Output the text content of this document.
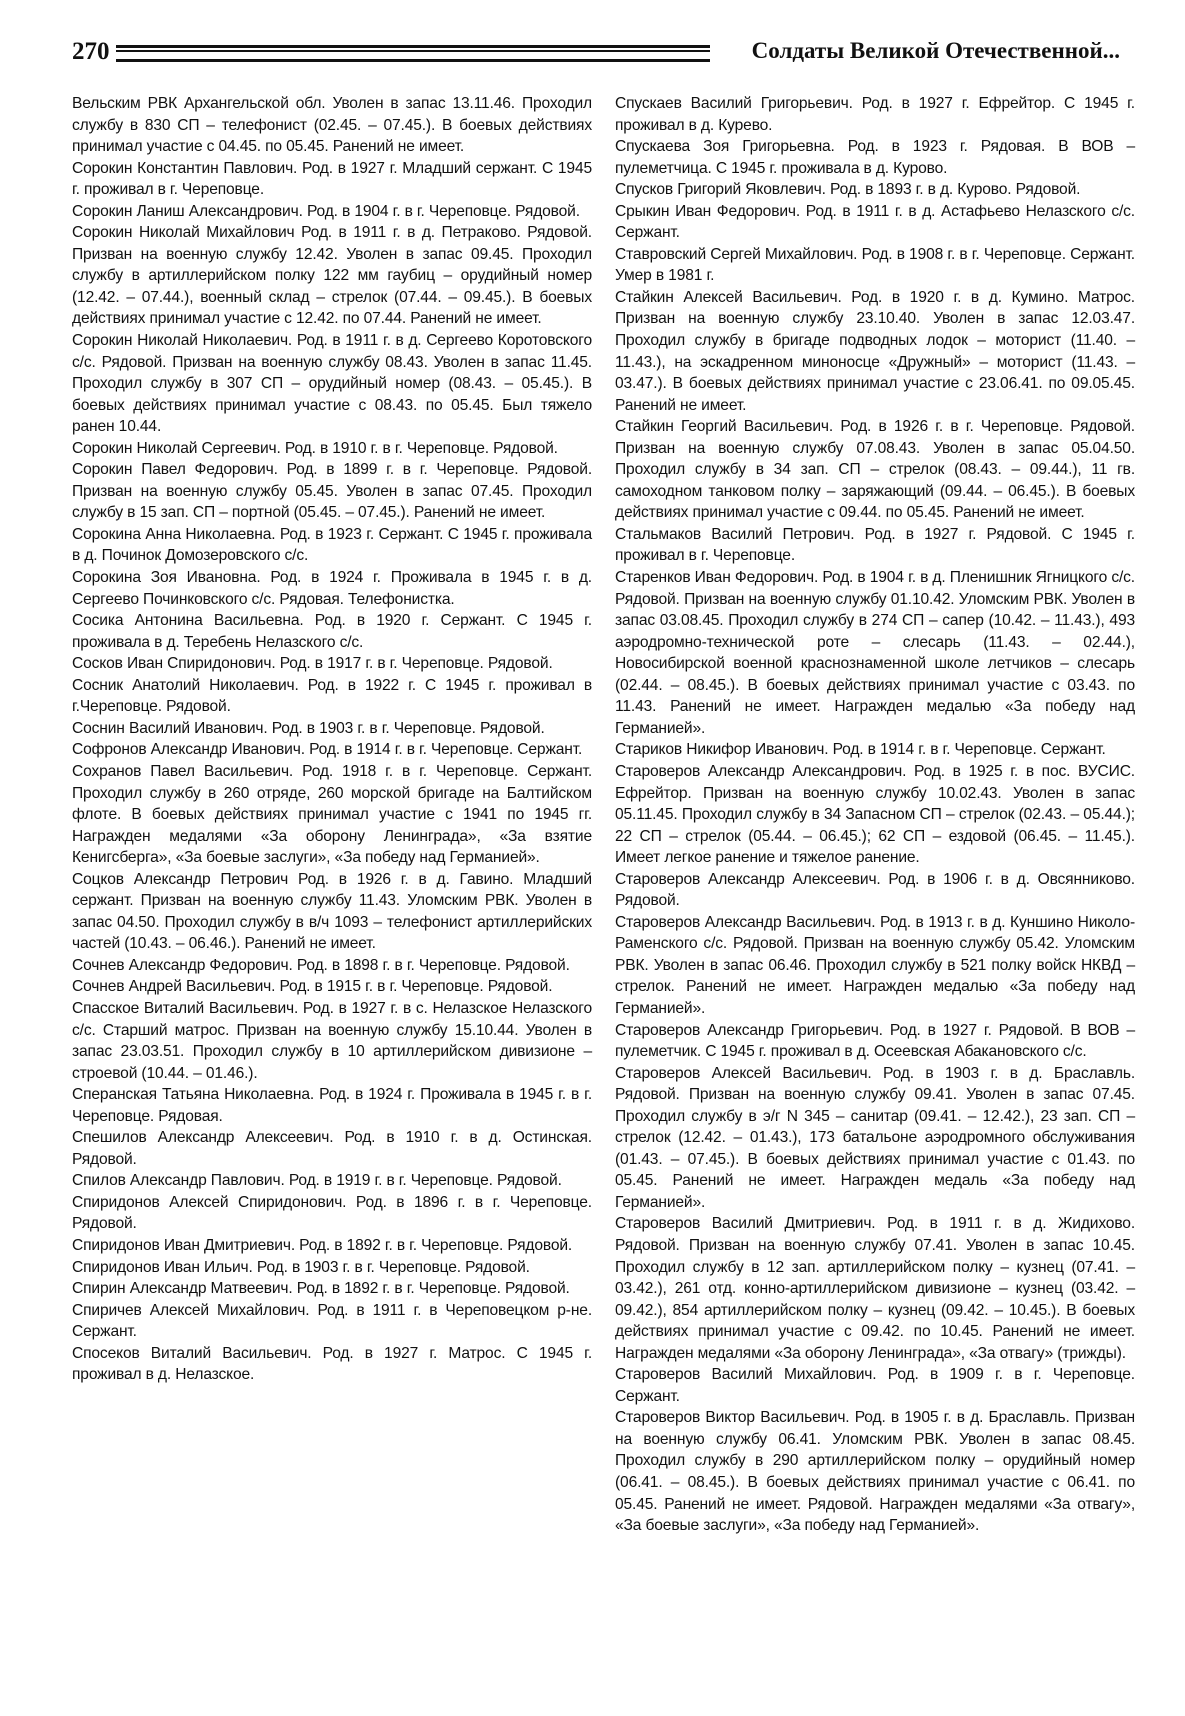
270	Солдаты Великой Отечественной...

Вельским РВК Архангельской обл. Уволен в запас 13.11.46. Проходил службу в 830 СП – телефонист (02.45. – 07.45.). В боевых действиях принимал участие с 04.45. по 05.45. Ранений не имеет.

Сорокин Константин Павлович. Род. в 1927 г. Младший сержант. С 1945 г. проживал в г. Череповце.

Сорокин Ланиш Александрович. Род. в 1904 г. в г. Череповце. Рядовой.

Сорокин Николай Михайлович Род. в 1911 г. в д. Петраково. Рядовой. Призван на военную службу 12.42. Уволен в запас 09.45. Проходил службу в артиллерийском полку 122 мм гаубиц – орудийный номер (12.42. – 07.44.), военный склад – стрелок (07.44. – 09.45.). В боевых действиях принимал участие с 12.42. по 07.44. Ранений не имеет.

Сорокин Николай Николаевич. Род. в 1911 г. в д. Сергеево Коротовского с/с. Рядовой. Призван на военную службу 08.43. Уволен в запас 11.45. Проходил службу в 307 СП – орудийный номер (08.43. – 05.45.). В боевых действиях принимал участие с 08.43. по 05.45. Был тяжело ранен 10.44.

Сорокин Николай Сергеевич. Род. в 1910 г. в г. Череповце. Рядовой.

Сорокин Павел Федорович. Род. в 1899 г. в г. Череповце. Рядовой. Призван на военную службу 05.45. Уволен в запас 07.45. Проходил службу в 15 зап. СП – портной (05.45. – 07.45.). Ранений не имеет.

Сорокина Анна Николаевна. Род. в 1923 г. Сержант. С 1945 г. проживала в д. Починок Домозеровского с/с.

Сорокина Зоя Ивановна. Род. в 1924 г. Проживала в 1945 г. в д. Сергеево Починковского с/с. Рядовая. Телефонистка.

Сосика Антонина Васильевна. Род. в 1920 г. Сержант. С 1945 г. проживала в д. Теребень Нелазского с/с.

Сосков Иван Спиридонович. Род. в 1917 г. в г. Череповце. Рядовой.

Сосник Анатолий Николаевич. Род. в 1922 г. С 1945 г. проживал в г.Череповце. Рядовой.

Соснин Василий Иванович. Род. в 1903 г. в г. Череповце. Рядовой.

Софронов Александр Иванович. Род. в 1914 г. в г. Череповце. Сержант.

Сохранов Павел Васильевич. Род. 1918 г. в г. Череповце. Сержант. Проходил службу в 260 отряде, 260 морской бригаде на Балтийском флоте. В боевых действиях принимал участие с 1941 по 1945 гг. Награжден медалями «За оборону Ленинграда», «За взятие Кенигсберга», «За боевые заслуги», «За победу над Германией».

Соцков Александр Петрович Род. в 1926 г. в д. Гавино. Младший сержант. Призван на военную службу 11.43. Уломским РВК. Уволен в запас 04.50. Проходил службу в в/ч 1093 – телефонист артиллерийских частей (10.43. – 06.46.). Ранений не имеет.

Сочнев Александр Федорович. Род. в 1898 г. в г. Череповце. Рядовой.

Сочнев Андрей Васильевич. Род. в 1915 г. в г. Череповце. Рядовой.

Спасское Виталий Васильевич. Род. в 1927 г. в с. Нелазское Нелазского с/с. Старший матрос. Призван на военную службу 15.10.44. Уволен в запас 23.03.51. Проходил службу в 10 артиллерийском дивизионе – строевой (10.44. – 01.46.).

Сперанская Татьяна Николаевна. Род. в 1924 г. Проживала в 1945 г. в г. Череповце. Рядовая.

Спешилов Александр Алексеевич. Род. в 1910 г. в д. Остинская. Рядовой.

Спилов Александр Павлович. Род. в 1919 г. в г. Череповце. Рядовой.

Спиридонов Алексей Спиридонович. Род. в 1896 г. в г. Череповце. Рядовой.

Спиридонов Иван Дмитриевич. Род. в 1892 г. в г. Череповце. Рядовой.

Спиридонов Иван Ильич. Род. в 1903 г. в г. Череповце. Рядовой.

Спирин Александр Матвеевич. Род. в 1892 г. в г. Череповце. Рядовой.

Спиричев Алексей Михайлович. Род. в 1911 г. в Череповецком р-не. Сержант.

Спосеков Виталий Васильевич. Род. в 1927 г. Матрос. С 1945 г. проживал в д. Нелазское.

Спускаев Василий Григорьевич. Род. в 1927 г. Ефрейтор. С 1945 г. проживал в д. Курево.

Спускаева Зоя Григорьевна. Род. в 1923 г. Рядовая. В ВОВ – пулеметчица. С 1945 г. проживала в д. Курово.

Спусков Григорий Яковлевич. Род. в 1893 г. в д. Курово. Рядовой.

Срыкин Иван Федорович. Род. в 1911 г. в д. Астафьево Нелазского с/с. Сержант.

Ставровский Сергей Михайлович. Род. в 1908 г. в г. Череповце. Сержант. Умер в 1981 г.

Стайкин Алексей Васильевич. Род. в 1920 г. в д. Кумино. Матрос. Призван на военную службу 23.10.40. Уволен в запас 12.03.47. Проходил службу в бригаде подводных лодок – моторист (11.40. – 11.43.), на эскадренном миноносце «Дружный» – моторист (11.43. – 03.47.). В боевых действиях принимал участие с 23.06.41. по 09.05.45. Ранений не имеет.

Стайкин Георгий Васильевич. Род. в 1926 г. в г. Череповце. Рядовой. Призван на военную службу 07.08.43. Уволен в запас 05.04.50. Проходил службу в 34 зап. СП – стрелок (08.43. – 09.44.), 11 гв. самоходном танковом полку – заряжающий (09.44. – 06.45.). В боевых действиях принимал участие с 09.44. по 05.45. Ранений не имеет.

Стальмаков Василий Петрович. Род. в 1927 г. Рядовой. С 1945 г. проживал в г. Череповце.

Старенков Иван Федорович. Род. в 1904 г. в д. Пленишник Ягницкого с/с. Рядовой. Призван на военную службу 01.10.42. Уломским РВК. Уволен в запас 03.08.45. Проходил службу в 274 СП – сапер (10.42. – 11.43.), 493 аэродромно-технической роте – слесарь (11.43. – 02.44.), Новосибирской военной краснознаменной школе летчиков – слесарь (02.44. – 08.45.). В боевых действиях принимал участие с 03.43. по 11.43. Ранений не имеет. Награжден медалью «За победу над Германией».

Стариков Никифор Иванович. Род. в 1914 г. в г. Череповце. Сержант.

Староверов Александр Александрович. Род. в 1925 г. в пос. ВУСИС. Ефрейтор. Призван на военную службу 10.02.43. Уволен в запас 05.11.45. Проходил службу в 34 Запасном СП – стрелок (02.43. – 05.44.); 22 СП – стрелок (05.44. – 06.45.); 62 СП – ездовой (06.45. – 11.45.). Имеет легкое ранение и тяжелое ранение.

Староверов Александр Алексеевич. Род. в 1906 г. в д. Овсянниково. Рядовой.

Староверов Александр Васильевич. Род. в 1913 г. в д. Куншино Николо-Раменского с/с. Рядовой. Призван на военную службу 05.42. Уломским РВК. Уволен в запас 06.46. Проходил службу в 521 полку войск НКВД – стрелок. Ранений не имеет. Награжден медалью «За победу над Германией».

Староверов Александр Григорьевич. Род. в 1927 г. Рядовой. В ВОВ – пулеметчик. С 1945 г. проживал в д. Осеевская Абакановского с/с.

Староверов Алексей Васильевич. Род. в 1903 г. в д. Браславль. Рядовой. Призван на военную службу 09.41. Уволен в запас 07.45. Проходил службу в э/г N 345 – санитар (09.41. – 12.42.), 23 зап. СП – стрелок (12.42. – 01.43.), 173 батальоне аэродромного обслуживания (01.43. – 07.45.). В боевых действиях принимал участие с 01.43. по 05.45. Ранений не имеет. Награжден медаль «За победу над Германией».

Староверов Василий Дмитриевич. Род. в 1911 г. в д. Жидихово. Рядовой. Призван на военную службу 07.41. Уволен в запас 10.45. Проходил службу в 12 зап. артиллерийском полку – кузнец (07.41. – 03.42.), 261 отд. конно-артиллерийском дивизионе – кузнец (03.42. – 09.42.), 854 артиллерийском полку – кузнец (09.42. – 10.45.). В боевых действиях принимал участие с 09.42. по 10.45. Ранений не имеет. Награжден медалями «За оборону Ленинграда», «За отвагу» (трижды).

Староверов Василий Михайлович. Род. в 1909 г. в г. Череповце. Сержант.

Староверов Виктор Васильевич. Род. в 1905 г. в д. Браславль. Призван на военную службу 06.41. Уломским РВК. Уволен в запас 08.45. Проходил службу в 290 артиллерийском полку – орудийный номер (06.41. – 08.45.). В боевых действиях принимал участие с 06.41. по 05.45. Ранений не имеет. Рядовой. Награжден медалями «За отвагу», «За боевые заслуги», «За победу над Германией».
